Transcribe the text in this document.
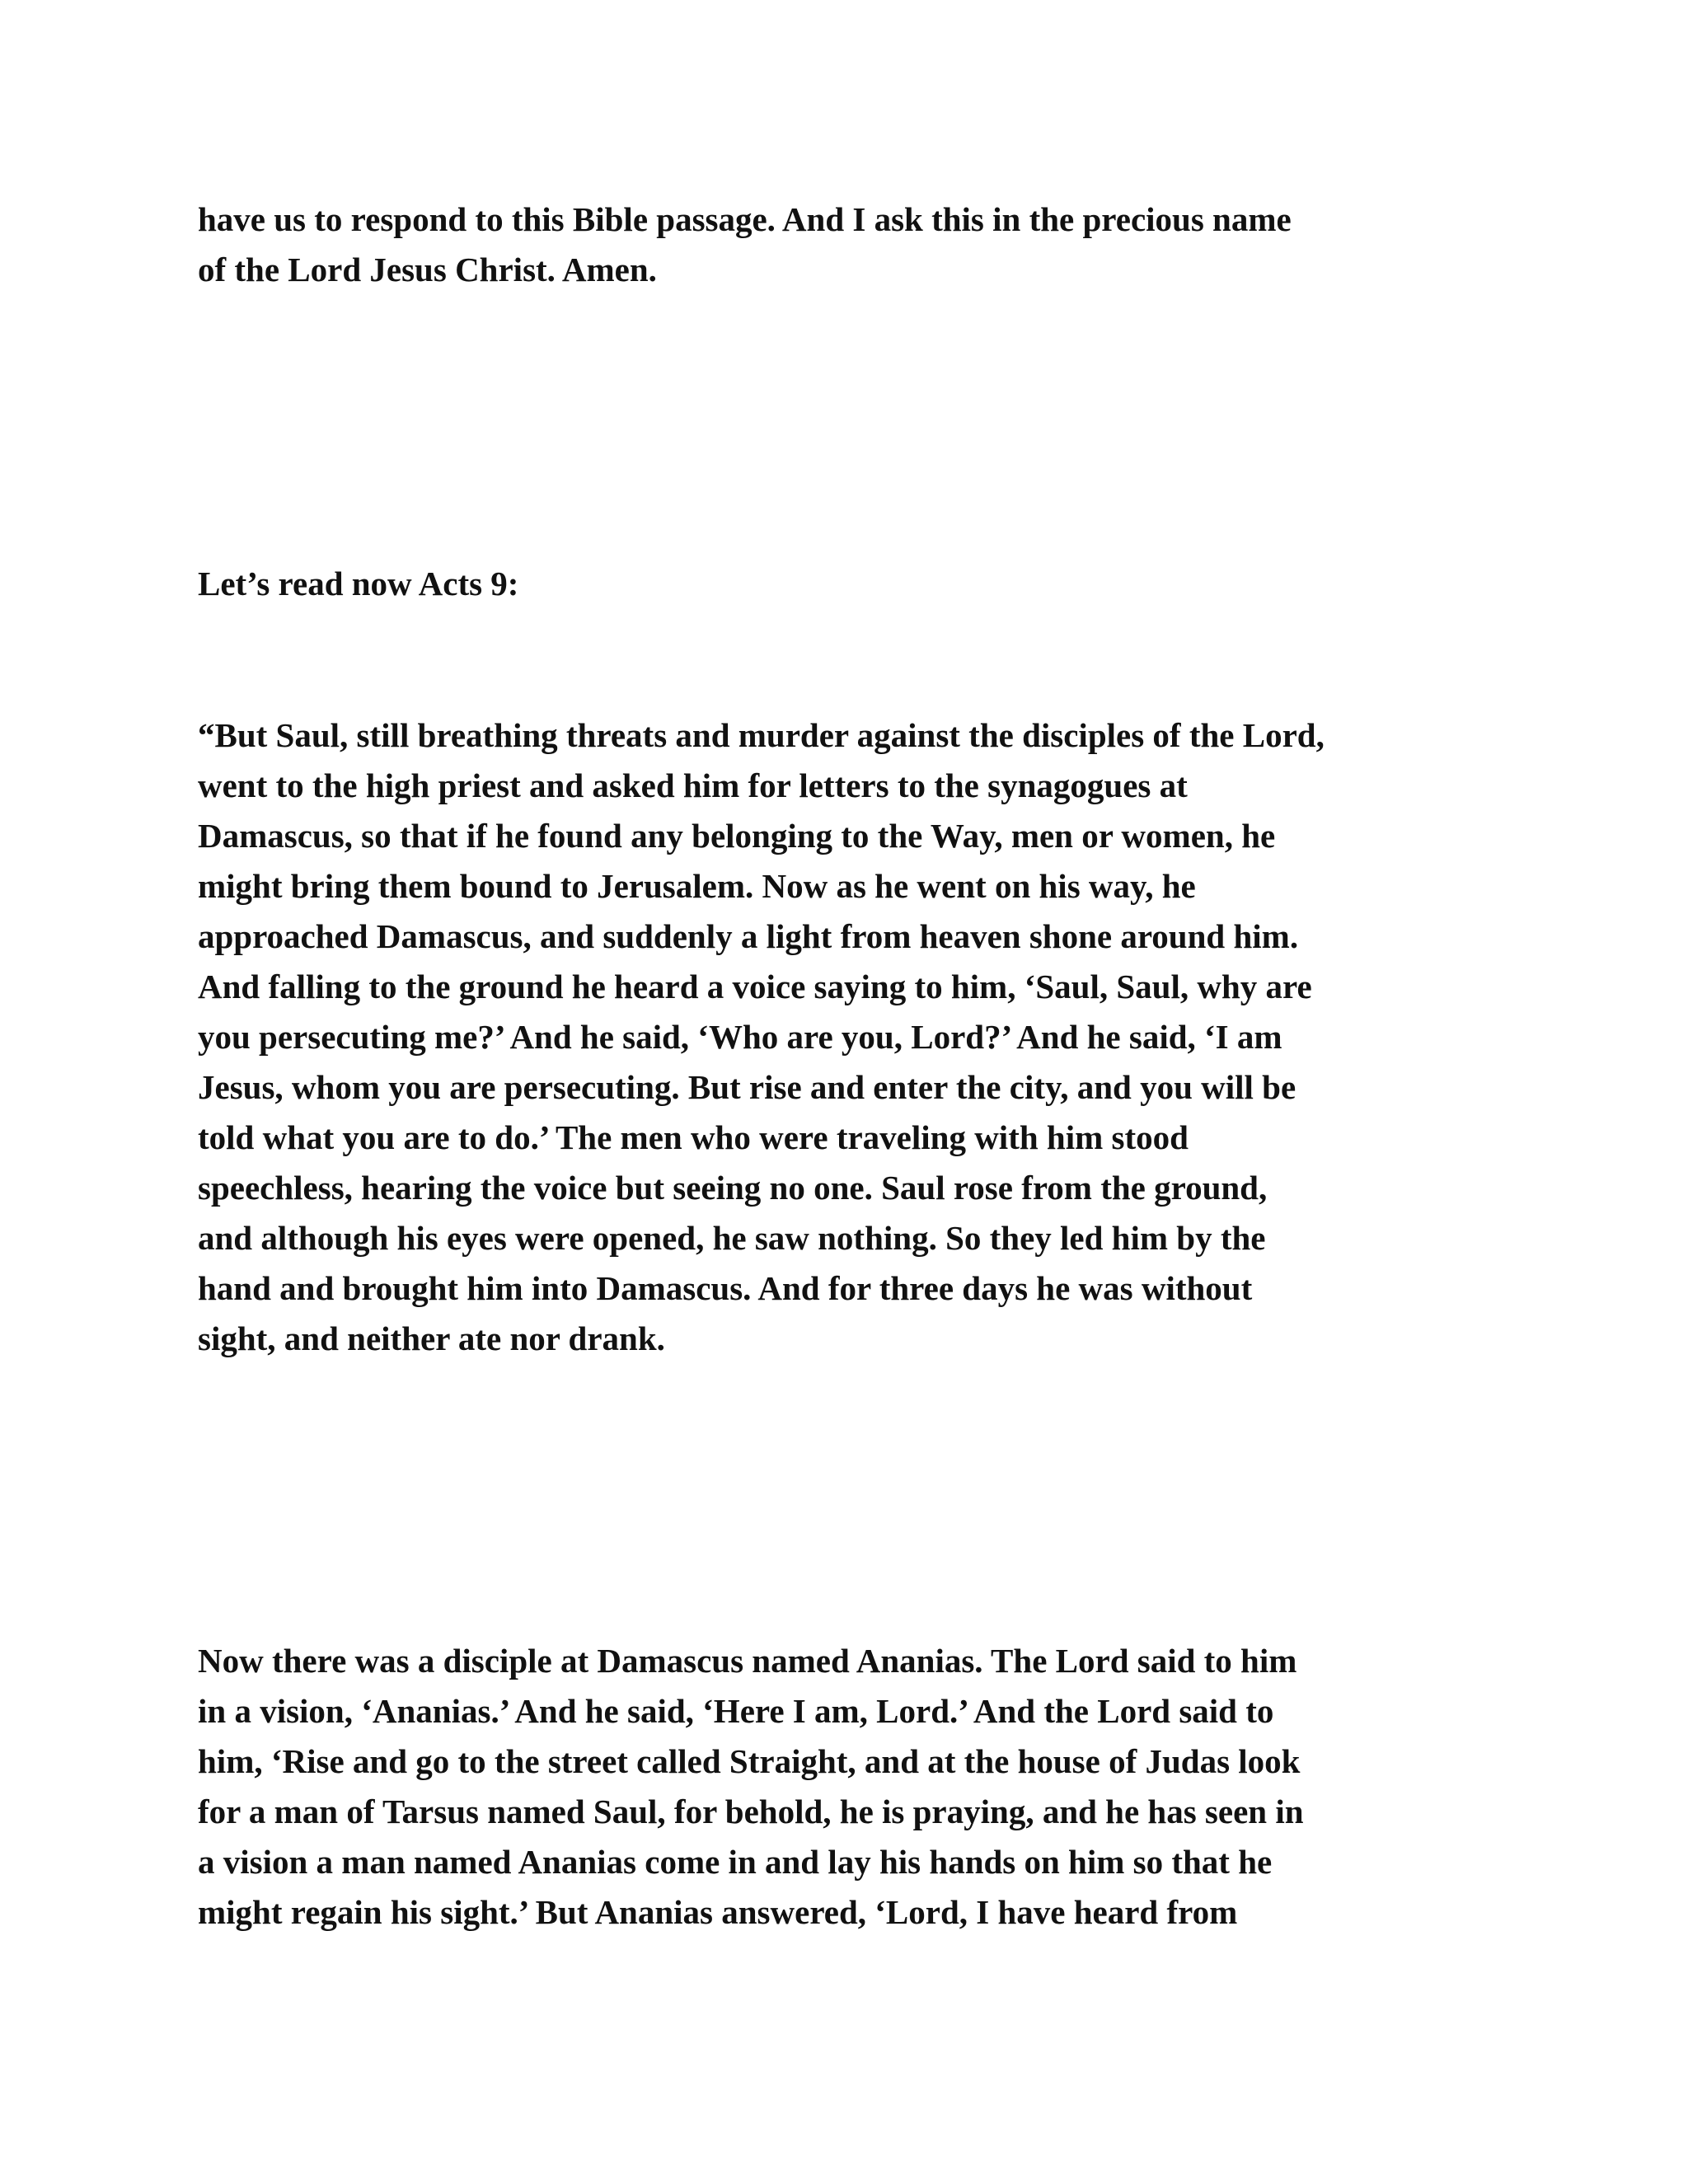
have us to respond to this Bible passage. And I ask this in the precious name
of the Lord Jesus Christ. Amen.
Let’s read now Acts 9:
“But Saul, still breathing threats and murder against the disciples of the Lord,
went to the high priest and asked him for letters to the synagogues at
Damascus, so that if he found any belonging to the Way, men or women, he
might bring them bound to Jerusalem. Now as he went on his way, he
approached Damascus, and suddenly a light from heaven shone around him.
And falling to the ground he heard a voice saying to him, ‘Saul, Saul, why are
you persecuting me?’ And he said, ‘Who are you, Lord?’ And he said, ‘I am
Jesus, whom you are persecuting. But rise and enter the city, and you will be
told what you are to do.’ The men who were traveling with him stood
speechless, hearing the voice but seeing no one. Saul rose from the ground,
and although his eyes were opened, he saw nothing. So they led him by the
hand and brought him into Damascus. And for three days he was without
sight, and neither ate nor drank.
Now there was a disciple at Damascus named Ananias. The Lord said to him
in a vision, ‘Ananias.’ And he said, ‘Here I am, Lord.’ And the Lord said to
him, ‘Rise and go to the street called Straight, and at the house of Judas look
for a man of Tarsus named Saul, for behold, he is praying, and he has seen in
a vision a man named Ananias come in and lay his hands on him so that he
might regain his sight.’ But Ananias answered, ‘Lord, I have heard from
